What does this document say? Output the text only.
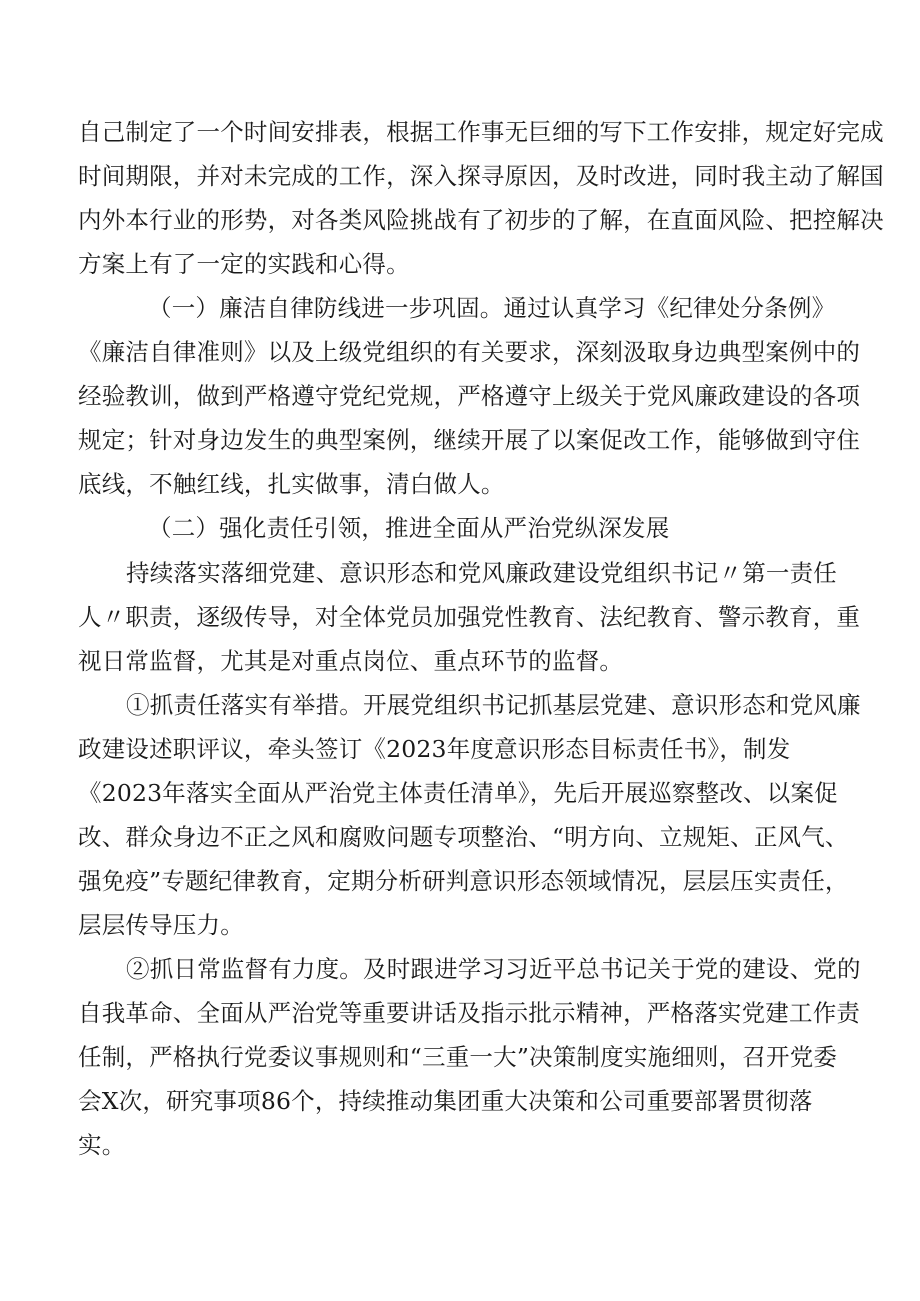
自己制定了一个时间安排表，根据工作事无巨细的写下工作安排，规定好完成

时间期限，并对未完成的工作，深入探寻原因，及时改进，同时我主动了解国

内外本行业的形势，对各类风险挑战有了初步的了解，在直面风险、把控解决

方案上有了一定的实践和心得。

（一）廉洁自律防线进一步巩固。通过认真学习《纪律处分条例》

《廉洁自律准则》以及上级党组织的有关要求，深刻汲取身边典型案例中的

经验教训，做到严格遵守党纪党规，严格遵守上级关于党风廉政建设的各项

规定；针对身边发生的典型案例，继续开展了以案促改工作，能够做到守住

底线，不触红线，扎实做事，清白做人。

（二）强化责任引领，推进全面从严治党纵深发展

持续落实落细党建、意识形态和党风廉政建设党组织书记〃第一责任

人〃职责，逐级传导，对全体党员加强党性教育、法纪教育、警示教育，重

视日常监督，尤其是对重点岗位、重点环节的监督。

①抓责任落实有举措。开展党组织书记抓基层党建、意识形态和党风廉

政建设述职评议，牵头签订《2023年度意识形态目标责任书》，制发

《2023年落实全面从严治党主体责任清单》，先后开展巡察整改、以案促

改、群众身边不正之风和腐败问题专项整治、“明方向、立规矩、正风气、

强免疫”专题纪律教育，定期分析研判意识形态领域情况，层层压实责任，

层层传导压力。

②抓日常监督有力度。及时跟进学习习近平总书记关于党的建设、党的

自我革命、全面从严治党等重要讲话及指示批示精神，严格落实党建工作责

任制，严格执行党委议事规则和“三重一大”决策制度实施细则，召开党委

会X次，研究事项86个，持续推动集团重大决策和公司重要部署贯彻落

实。
